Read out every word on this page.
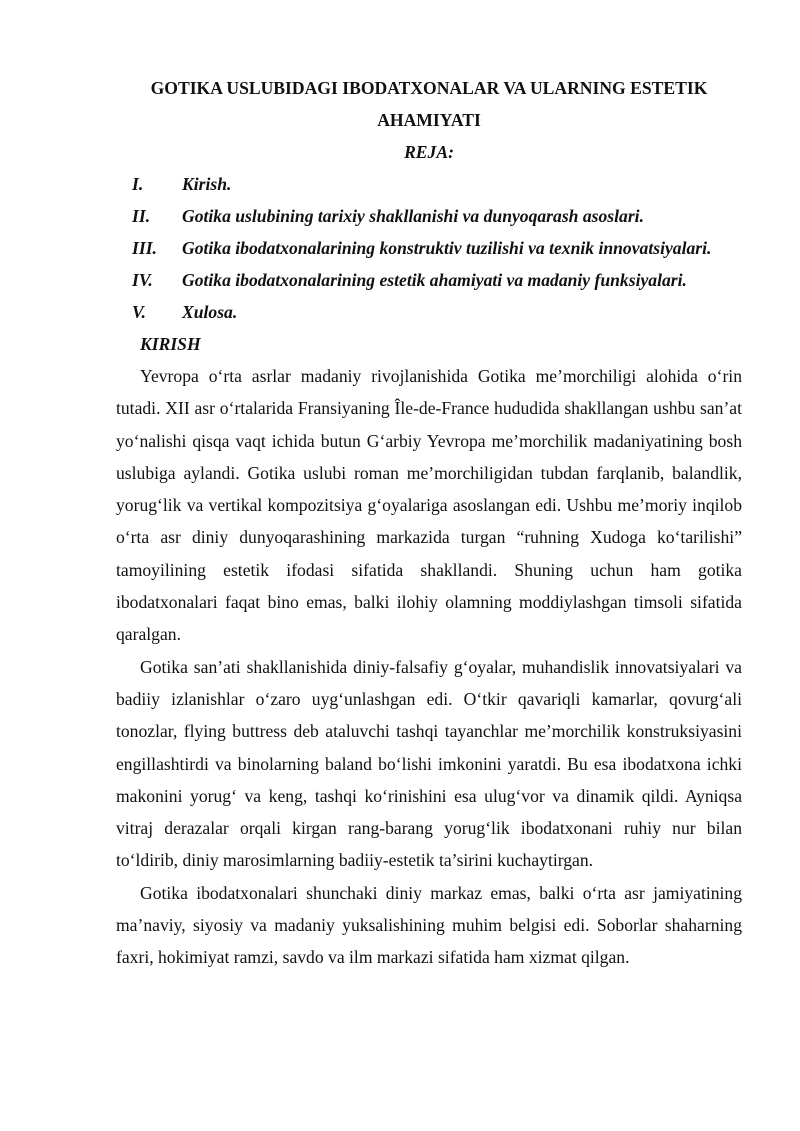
GOTIKA USLUBIDAGI IBODATXONALAR VA ULARNING ESTETIK AHAMIYATI

REJA:

I.	Kirish.
II.	Gotika uslubining tarixiy shakllanishi va dunyoqarash asoslari.
III.	Gotika ibodatxonalarining konstruktiv tuzilishi va texnik innovatsiyalari.
IV.	Gotika ibodatxonalarining estetik ahamiyati va madaniy funksiyalari.
V.	Xulosa.
KIRISH

Yevropa o‘rta asrlar madaniy rivojlanishida Gotika me’morchiligi alohida o‘rin tutadi. XII asr o‘rtalarida Fransiyaning Île-de-France hududida shakllangan ushbu san’at yo‘nalishi qisqa vaqt ichida butun G‘arbiy Yevropa me’morchilik madaniyatining bosh uslubiga aylandi. Gotika uslubi roman me’morchiligidan tubdan farqlanib, balandlik, yorug‘lik va vertikal kompozitsiya g‘oyalariga asoslangan edi. Ushbu me’moriy inqilob o‘rta asr diniy dunyoqarashining markazida turgan “ruhning Xudoga ko‘tarilishi” tamoyilining estetik ifodasi sifatida shakllandi. Shuning uchun ham gotika ibodatxonalari faqat bino emas, balki ilohiy olamning moddiylashgan timsoli sifatida qaralgan.

Gotika san’ati shakllanishida diniy-falsafiy g‘oyalar, muhandislik innovatsiyalari va badiiy izlanishlar o‘zaro uyg‘unlashgan edi. O‘tkir qavariqli kamarlar, qovurg‘ali tonozlar, flying buttress deb ataluvchi tashqi tayanchlar me’morchilik konstruksiyasini engillashtirdi va binolarning baland bo‘lishi imkonini yaratdi. Bu esa ibodatxona ichki makonini yorug‘ va keng, tashqi ko‘rinishini esa ulug‘vor va dinamik qildi. Ayniqsa vitraj derazalar orqali kirgan rang-barang yorug‘lik ibodatxonani ruhiy nur bilan to‘ldirib, diniy marosimlarning badiiy-estetik ta’sirini kuchaytirgan.

Gotika ibodatxonalari shunchaki diniy markaz emas, balki o‘rta asr jamiyatining ma’naviy, siyosiy va madaniy yuksalishining muhim belgisi edi. Soborlar shaharning faxri, hokimiyat ramzi, savdo va ilm markazi sifatida ham xizmat qilgan.
